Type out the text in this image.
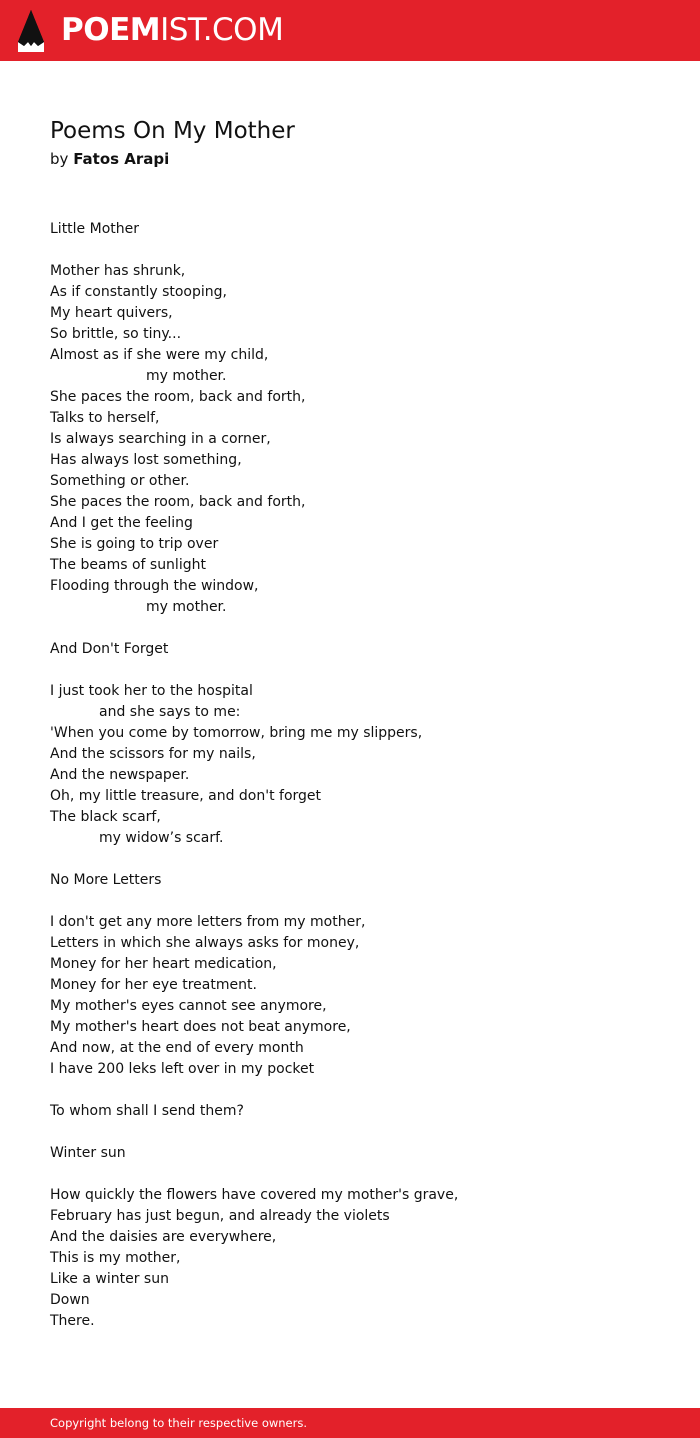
POEMIST.COM
Poems On My Mother
by Fatos Arapi
Little Mother
Mother has shrunk,
As if constantly stooping,
My heart quivers,
So brittle, so tiny...
Almost as if she were my child,
my mother.
She paces the room, back and forth,
Talks to herself,
Is always searching in a corner,
Has always lost something,
Something or other.
She paces the room, back and forth,
And I get the feeling
She is going to trip over
The beams of sunlight
Flooding through the window,
my mother.
And Don't Forget
I just took her to the hospital
and she says to me:
'When you come by tomorrow, bring me my slippers,
And the scissors for my nails,
And the newspaper.
Oh, my little treasure, and don't forget
The black scarf,
my widow’s scarf.
No More Letters
I don't get any more letters from my mother,
Letters in which she always asks for money,
Money for her heart medication,
Money for her eye treatment.
My mother's eyes cannot see anymore,
My mother's heart does not beat anymore,
And now, at the end of every month
I have 200 leks left over in my pocket
To whom shall I send them?
Winter sun
How quickly the flowers have covered my mother's grave,
February has just begun, and already the violets
And the daisies are everywhere,
This is my mother,
Like a winter sun
Down
There.
Copyright belong to their respective owners.
